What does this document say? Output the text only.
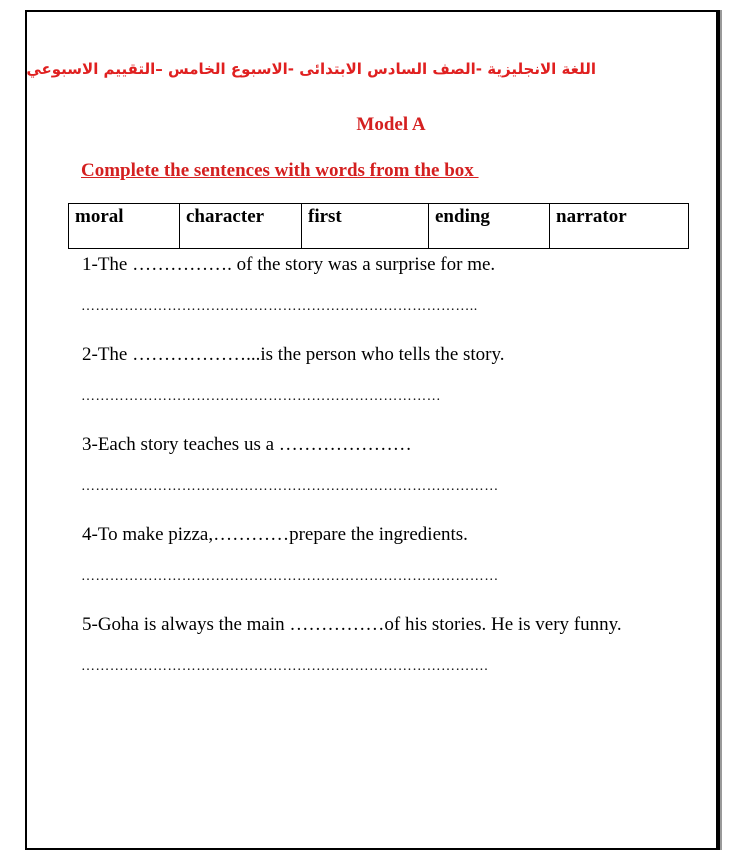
اللغة الانجليزية -الصف السادس الابتدائى -الاسبوع الخامس –التقييم الاسبوعي
Model A
Complete the sentences with words from the box
moral	character	first	ending	narrator
1-The ……………. of the story was a surprise for me.
………………………………………………………………………..
2-The ………………...is the person who tells the story.
…………………………………………………………………
3-Each story teaches us a …………………
……………………………………………………………………………
4-To make pizza,…………prepare the ingredients.
……………………………………………………………………………
5-Goha is always the main ……………of his stories. He is very funny.
………………………………………………………………………….
